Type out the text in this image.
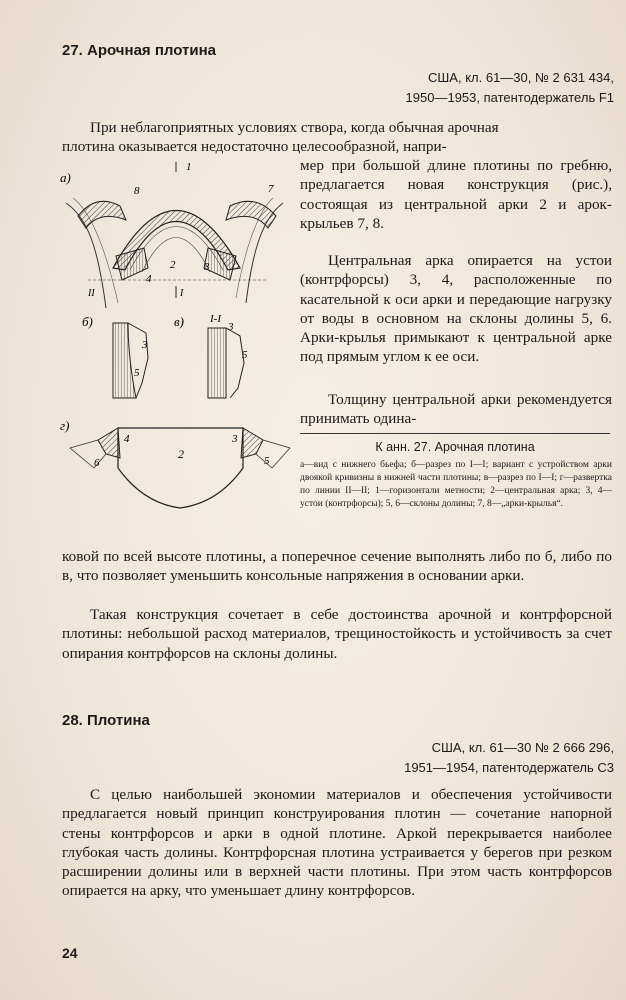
27. Арочная плотина
США, кл. 61—30, № 2 631 434,
1950—1953, патентодержатель F1
При неблагоприятных условиях створа, когда обычная арочная
плотина оказывается недостаточно целесообразной, напри-

мер при большой длине плотины по гребню, предлагается новая конструкция (рис.), состоящая из центральной арки 2 и арок-крыльев 7, 8.

Центральная арка опирается на устои (контрфорсы) 3, 4, расположенные по касательной к оси арки и передающие нагрузку от воды в основном на склоны долины 5, 6. Арки-крылья примыкают к центральной арке под прямым углом к ее оси.

Толщину центральной арки рекомендуется принимать одина-

К анн. 27. Арочная плотина

а—вид с нижнего бьефа; б—разрез по I—I; вариант с устройством арки двоякой кривизны в нижней части плотины; в—разрез по I—I; г—развертка по линии II—II; 1—горизонтали метности; 2—центральная арка; 3, 4—устои (контрфорсы); 5, 6—склоны долины; 7, 8—„арки-крылья“.

ковой по всей высоте плотины, а поперечное сечение выполнять либо по б, либо по в, что позволяет уменьшить консольные напряжения в основании арки.

Такая конструкция сочетает в себе достоинства арочной и контрфорсной плотины: небольшой расход материалов, трещиностойкость и устойчивость за счет опирания контрфорсов на склоны долины.

28. Плотина
США, кл. 61—30 № 2 666 296,
1951—1954, патентодержатель С3

С целью наибольшей экономии материалов и обеспечения устойчивости предлагается новый принцип конструирования плотин — сочетание напорной стены контрфорсов и арки в одной плотине. Аркой перекрывается наиболее глубокая часть долины. Контрфорсная плотина устраивается у берегов при резком расширении долины или в верхней части плотины. При этом часть контрфорсов опирается на арку, что уменьшает длину контрфорсов.

24
а)
1
7
8
2	3
4
II	I
б)
3
5
в) I-I
3
5
г)
2
4	3
6	5
